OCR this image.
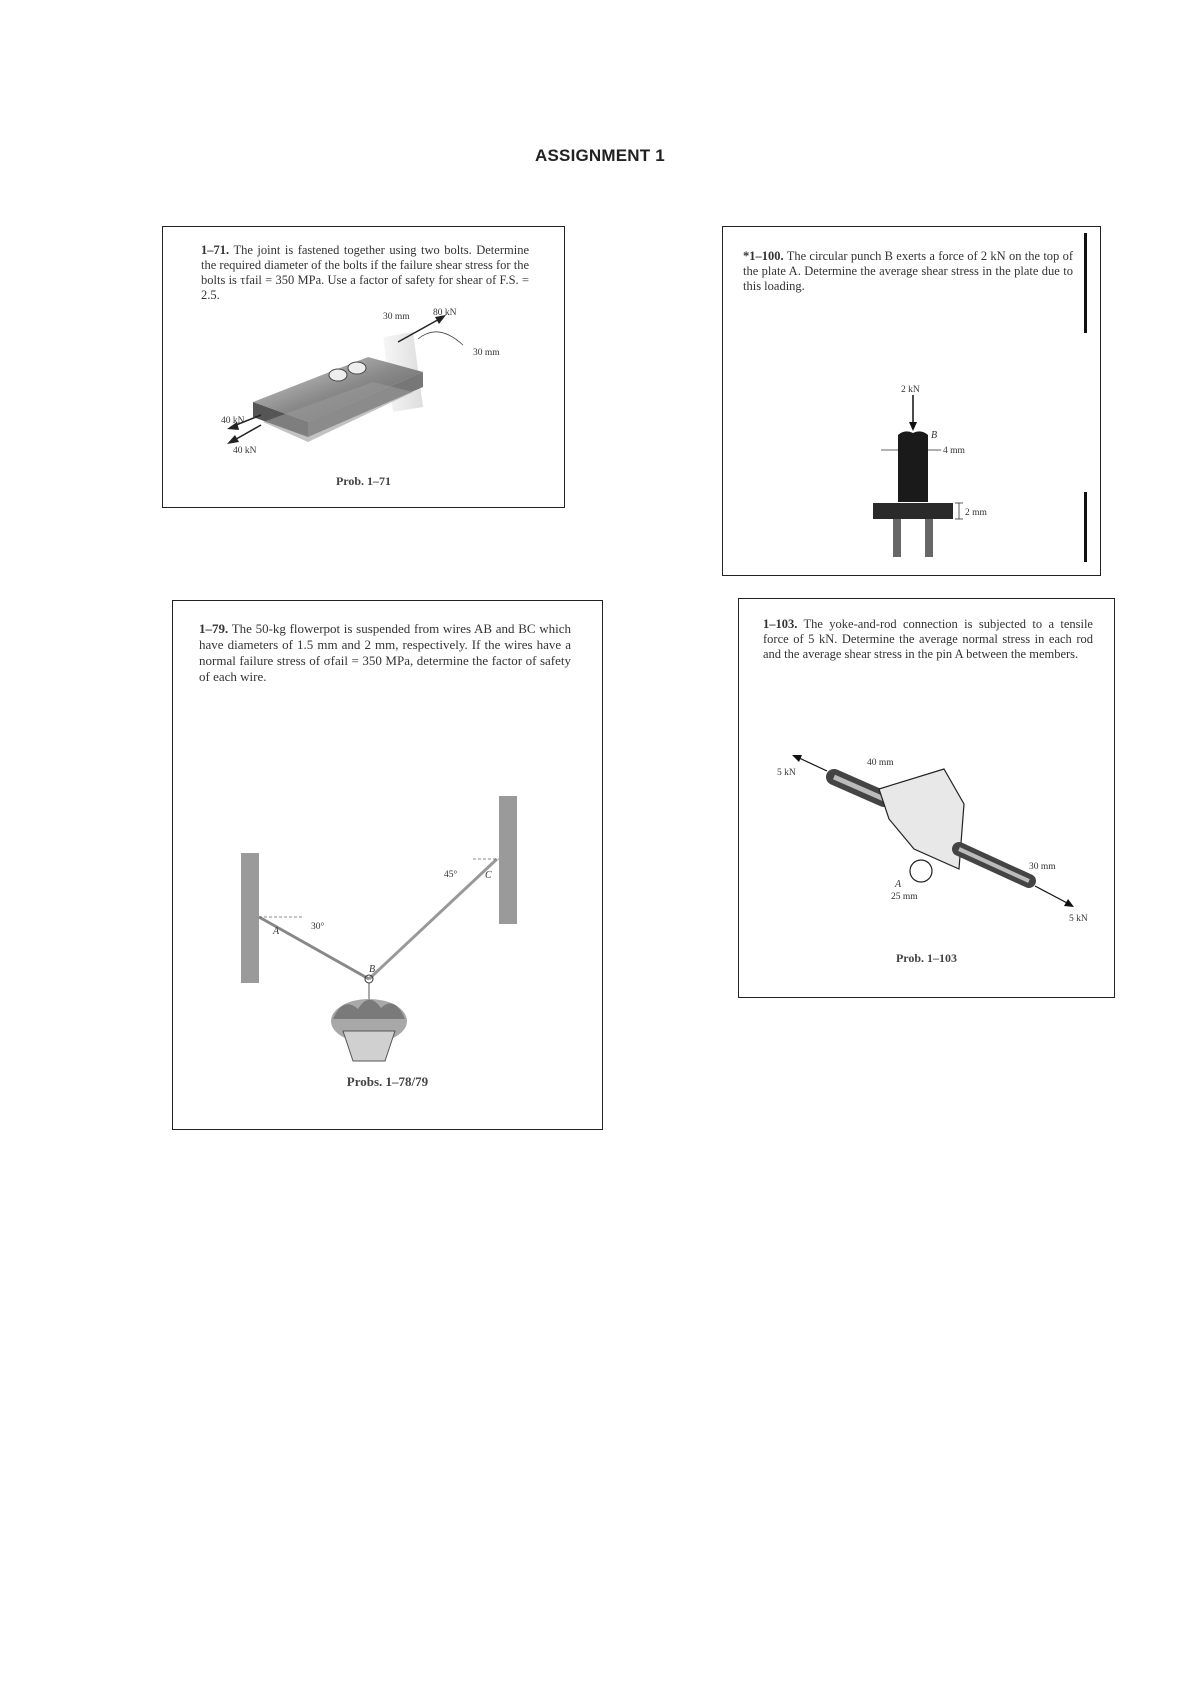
ASSIGNMENT 1
1–71. The joint is fastened together using two bolts. Determine the required diameter of the bolts if the failure shear stress for the bolts is τfail = 350 MPa. Use a factor of safety for shear of F.S. = 2.5.
30 mm 80 kN
30 mm
40 kN
40 kN
Prob. 1–71
*1–100. The circular punch B exerts a force of 2 kN on the top of the plate A. Determine the average shear stress in the plate due to this loading.
2 kN
B
4 mm
2 mm
1–79. The 50-kg flowerpot is suspended from wires AB and BC which have diameters of 1.5 mm and 2 mm, respectively. If the wires have a normal failure stress of σfail = 350 MPa, determine the factor of safety of each wire.
45°	C
A	30°
B
Probs. 1–78/79
1–103. The yoke-and-rod connection is subjected to a tensile force of 5 kN. Determine the average normal stress in each rod and the average shear stress in the pin A between the members.
40 mm
5 kN
30 mm
A
25 mm
5 kN
Prob. 1–103
